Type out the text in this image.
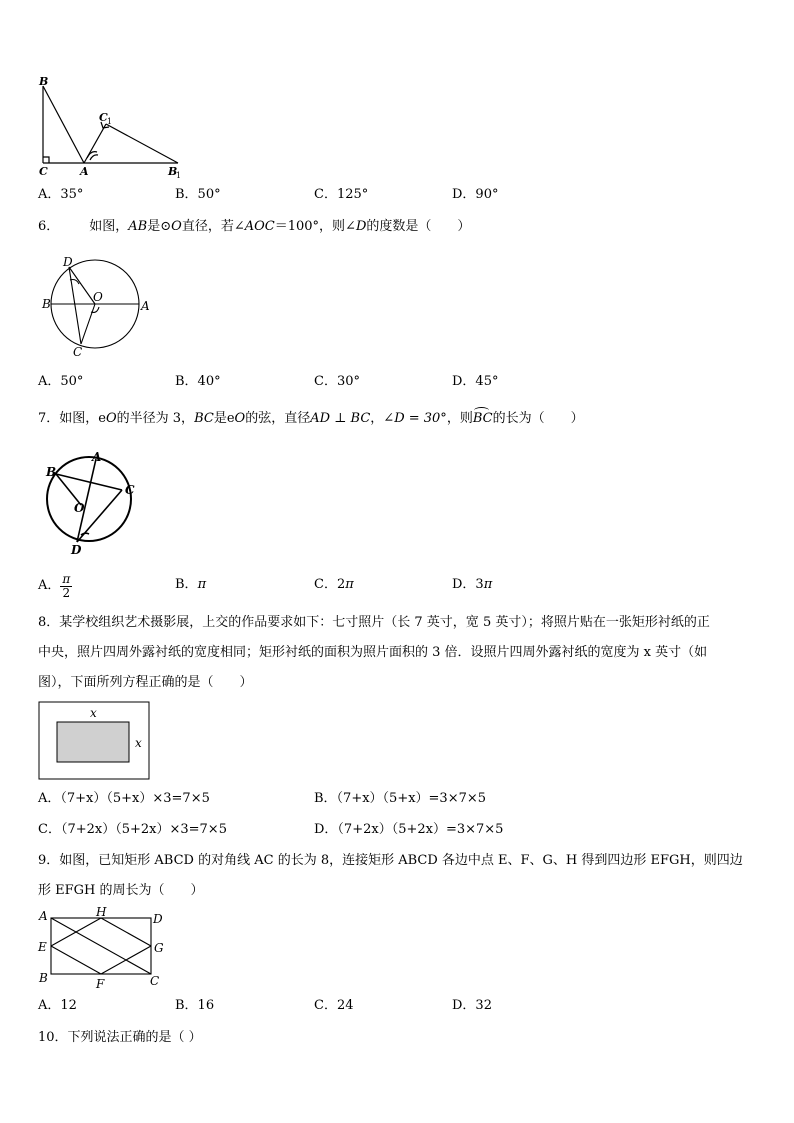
B
C	A
C 1
B
1
A．35°	B．50°	C．125°	D．90°
6． 如图，AB是⊙O直径，若∠AOC＝100°，则∠D的度数是（　　）
D
B	O
A
C
A．50°	B．40°	C．30°	D．45°
7．如图，eO的半径为 3，BC是eO的弦，直径AD ⊥ BC，∠D = 30°，则BC
的长为（　　）
B
A
C
O
D
A． $\frac{\pi}{2}$	B．π	C．2π	D．3π
8．某学校组织艺术摄影展，上交的作品要求如下：七寸照片（长 7 英寸，宽 5 英寸）；将照片贴在一张矩形衬纸的正
中央，照片四周外露衬纸的宽度相同；矩形衬纸的面积为照片面积的 3 倍．设照片四周外露衬纸的宽度为 x 英寸（如
图），下面所列方程正确的是（　　）
x
x
A．（7+x）（5+x）×3=7×5	B．（7+x）（5+x）=3×7×5
C．（7+2x）（5+2x）×3=7×5	D．（7+2x）（5+2x）=3×7×5
9．如图，已知矩形 ABCD 的对角线 AC 的长为 8，连接矩形 ABCD 各边中点 E、F、G、H 得到四边形 EFGH，则四边
形 EFGH 的周长为（　　）
A	H	D
E	G
B	F	C
A．12	B．16	C．24	D．32
10．下列说法正确的是（ ）
